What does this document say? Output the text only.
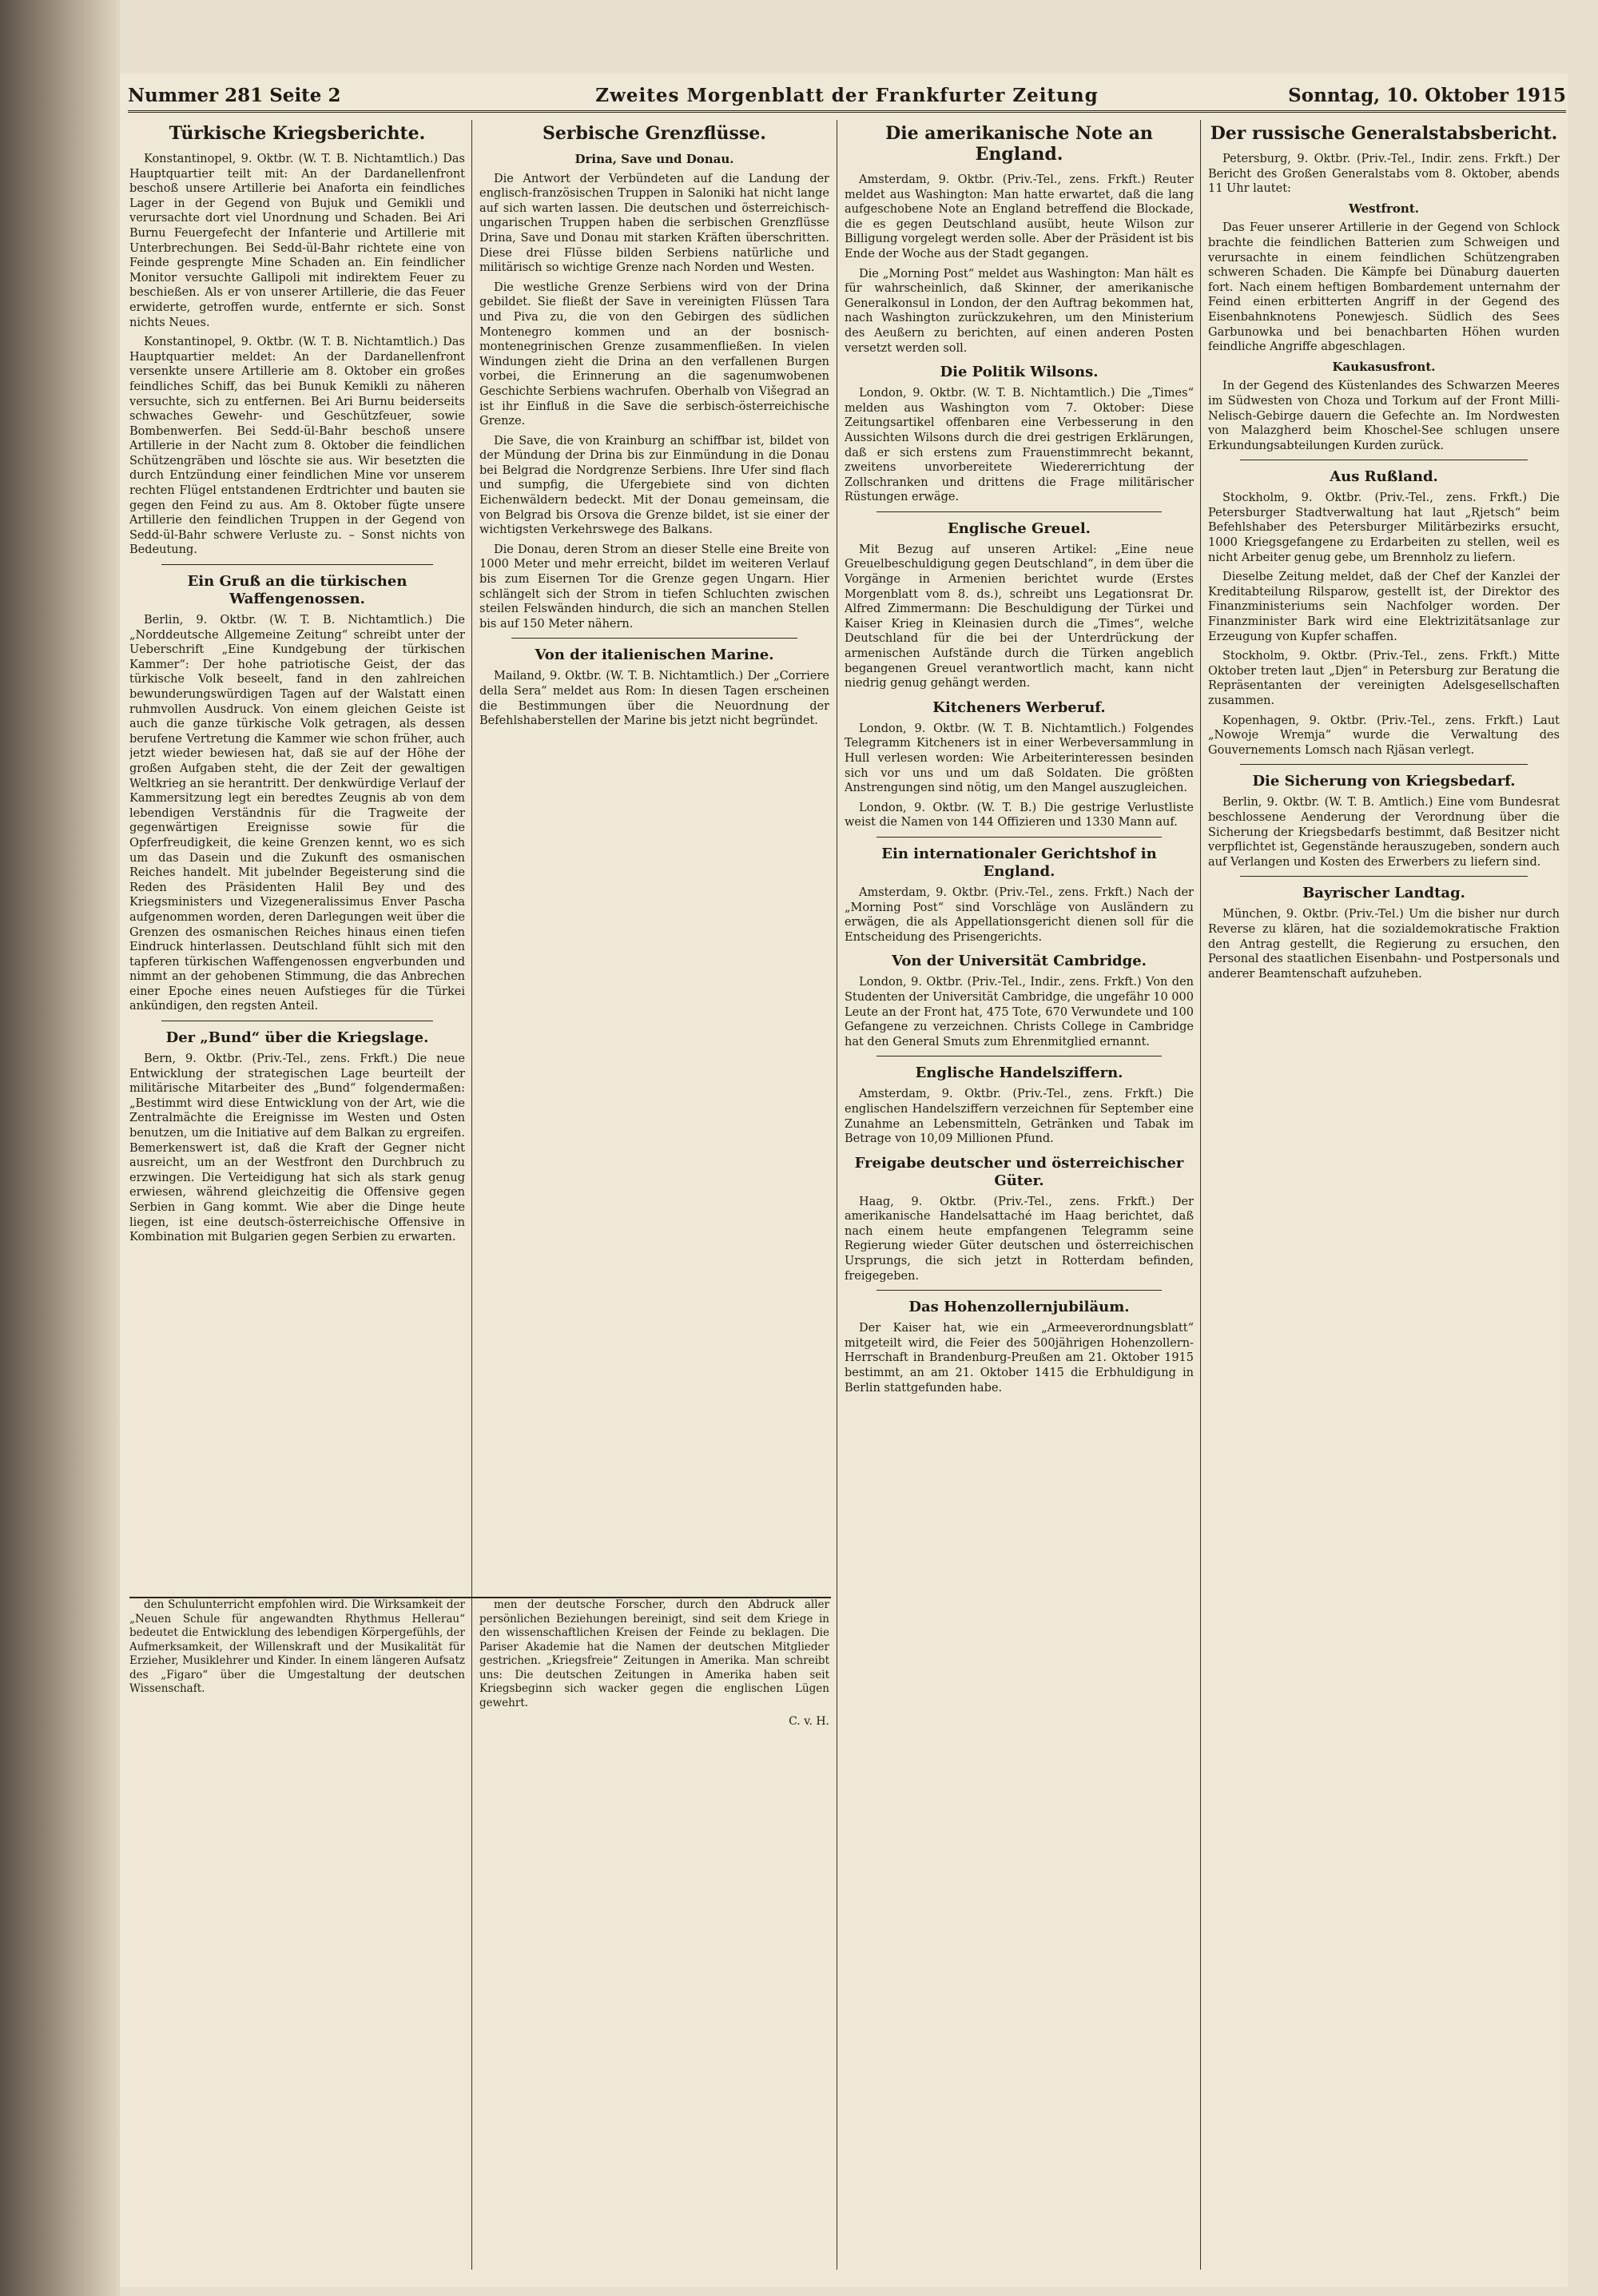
Nummer 281 Seite 2	Zweites Morgenblatt der Frankfurter Zeitung	Sonntag, 10. Oktober 1915
Türkische Kriegsberichte.

Konstantinopel, 9. Oktbr. (W. T. B. Nichtamtlich.) Das Hauptquartier teilt mit: An der Dardanellenfront beschoß unsere Artillerie bei Anaforta ein feindliches Lager in der Gegend von Bujuk und Gemikli und verursachte dort viel Unordnung und Schaden. Bei Ari Burnu Feuergefecht der Infanterie und Artillerie mit Unterbrechungen. Bei Sedd-ül-Bahr richtete eine von Feinde gesprengte Mine Schaden an. Ein feindlicher Monitor versuchte Gallipoli mit indirektem Feuer zu beschießen. Als er von unserer Artillerie, die das Feuer erwiderte, getroffen wurde, entfernte er sich. Sonst nichts Neues.

Konstantinopel, 9. Oktbr. (W. T. B. Nichtamtlich.) Das Hauptquartier meldet: An der Dardanellenfront versenkte unsere Artillerie am 8. Oktober ein großes feindliches Schiff, das bei Bunuk Kemikli zu näheren versuchte, sich zu entfernen. Bei Ari Burnu beiderseits schwaches Gewehr- und Geschützfeuer, sowie Bombenwerfen. Bei Sedd-ül-Bahr beschoß unsere Artillerie in der Nacht zum 8. Oktober die feindlichen Schützengräben und löschte sie aus. Wir besetzten die durch Entzündung einer feindlichen Mine vor unserem rechten Flügel entstandenen Erdtrichter und bauten sie gegen den Feind zu aus. Am 8. Oktober fügte unsere Artillerie den feindlichen Truppen in der Gegend von Sedd-ül-Bahr schwere Verluste zu. – Sonst nichts von Bedeutung.

Ein Gruß an die türkischen Waffengenossen.

Berlin, 9. Oktbr. (W. T. B. Nichtamtlich.) Die „Norddeutsche Allgemeine Zeitung“ schreibt unter der Ueberschrift „Eine Kundgebung der türkischen Kammer“: Der hohe patriotische Geist, der das türkische Volk beseelt, fand in den zahlreichen bewunderungswürdigen Tagen auf der Walstatt einen ruhmvollen Ausdruck. Von einem gleichen Geiste ist auch die ganze türkische Volk getragen, als dessen berufene Vertretung die Kammer wie schon früher, auch jetzt wieder bewiesen hat, daß sie auf der Höhe der großen Aufgaben steht, die der Zeit der gewaltigen Weltkrieg an sie herantritt. Der denkwürdige Verlauf der Kammersitzung legt ein beredtes Zeugnis ab von dem lebendigen Verständnis für die Tragweite der gegenwärtigen Ereignisse sowie für die Opferfreudigkeit, die keine Grenzen kennt, wo es sich um das Dasein und die Zukunft des osmanischen Reiches handelt. Mit jubelnder Begeisterung sind die Reden des Präsidenten Halil Bey und des Kriegsministers und Vizegeneralissimus Enver Pascha aufgenommen worden, deren Darlegungen weit über die Grenzen des osmanischen Reiches hinaus einen tiefen Eindruck hinterlassen. Deutschland fühlt sich mit den tapferen türkischen Waffengenossen engverbunden und nimmt an der gehobenen Stimmung, die das Anbrechen einer Epoche eines neuen Aufstieges für die Türkei ankündigen, den regsten Anteil.

Der „Bund“ über die Kriegslage.

Bern, 9. Oktbr. (Priv.-Tel., zens. Frkft.) Die neue Entwicklung der strategischen Lage beurteilt der militärische Mitarbeiter des „Bund“ folgendermaßen: „Bestimmt wird diese Entwicklung von der Art, wie die Zentralmächte die Ereignisse im Westen und Osten benutzen, um die Initiative auf dem Balkan zu ergreifen. Bemerkenswert ist, daß die Kraft der Gegner nicht ausreicht, um an der Westfront den Durchbruch zu erzwingen. Die Verteidigung hat sich als stark genug erwiesen, während gleichzeitig die Offensive gegen Serbien in Gang kommt. Wie aber die Dinge heute liegen, ist eine deutsch-österreichische Offensive in Kombination mit Bulgarien gegen Serbien zu erwarten.

Serbische Grenzflüsse.
Drina, Save und Donau.

Die Antwort der Verbündeten auf die Landung der englisch-französischen Truppen in Saloniki hat nicht lange auf sich warten lassen. Die deutschen und österreichisch-ungarischen Truppen haben die serbischen Grenzflüsse Drina, Save und Donau mit starken Kräften überschritten. Diese drei Flüsse bilden Serbiens natürliche und militärisch so wichtige Grenze nach Norden und Westen.

Die westliche Grenze Serbiens wird von der Drina gebildet. Sie fließt der Save in vereinigten Flüssen Tara und Piva zu, die von den Gebirgen des südlichen Montenegro kommen und an der bosnisch-montenegrinischen Grenze zusammenfließen. In vielen Windungen zieht die Drina an den verfallenen Burgen vorbei, die Erinnerung an die sagenumwobenen Geschichte Serbiens wachrufen. Oberhalb von Višegrad an ist ihr Einfluß in die Save die serbisch-österreichische Grenze.

Die Save, die von Krainburg an schiffbar ist, bildet von der Mündung der Drina bis zur Einmündung in die Donau bei Belgrad die Nordgrenze Serbiens. Ihre Ufer sind flach und sumpfig, die Ufergebiete sind von dichten Eichenwäldern bedeckt. Mit der Donau gemeinsam, die von Belgrad bis Orsova die Grenze bildet, ist sie einer der wichtigsten Verkehrswege des Balkans.

Die Donau, deren Strom an dieser Stelle eine Breite von 1000 Meter und mehr erreicht, bildet im weiteren Verlauf bis zum Eisernen Tor die Grenze gegen Ungarn. Hier schlängelt sich der Strom in tiefen Schluchten zwischen steilen Felswänden hindurch, die sich an manchen Stellen bis auf 150 Meter nähern.

Von der italienischen Marine.

Mailand, 9. Oktbr. (W. T. B. Nichtamtlich.) Der „Corriere della Sera“ meldet aus Rom: In diesen Tagen erscheinen die Bestimmungen über die Neuordnung der Befehlshaberstellen der Marine bis jetzt nicht begründet.

den Schulunterricht empfohlen wird. Die Wirksamkeit der „Neuen Schule für angewandten Rhythmus Hellerau“ bedeutet die Entwicklung des lebendigen Körpergefühls, der Aufmerksamkeit, der Willenskraft und der Musikalität für Erzieher, Musiklehrer und Kinder. In einem längeren Aufsatz des „Figaro“ über die Umgestaltung der deutschen Wissenschaft.

men der deutsche Forscher, durch den Abdruck aller persönlichen Beziehungen bereinigt, sind seit dem Kriege in den wissenschaftlichen Kreisen der Feinde zu beklagen. Die Pariser Akademie hat die Namen der deutschen Mitglieder gestrichen. „Kriegsfreie“ Zeitungen in Amerika. Man schreibt uns: Die deutschen Zeitungen in Amerika haben seit Kriegsbeginn sich wacker gegen die englischen Lügen gewehrt.

C. v. H.
Die amerikanische Note an England.

Amsterdam, 9. Oktbr. (Priv.-Tel., zens. Frkft.) Reuter meldet aus Washington: Man hatte erwartet, daß die lang aufgeschobene Note an England betreffend die Blockade, die es gegen Deutschland ausübt, heute Wilson zur Billigung vorgelegt werden solle. Aber der Präsident ist bis Ende der Woche aus der Stadt gegangen.

Die „Morning Post“ meldet aus Washington: Man hält es für wahrscheinlich, daß Skinner, der amerikanische Generalkonsul in London, der den Auftrag bekommen hat, nach Washington zurückzukehren, um den Ministerium des Aeußern zu berichten, auf einen anderen Posten versetzt werden soll.

Die Politik Wilsons.

London, 9. Oktbr. (W. T. B. Nichtamtlich.) Die „Times“ melden aus Washington vom 7. Oktober: Diese Zeitungsartikel offenbaren eine Verbesserung in den Aussichten Wilsons durch die drei gestrigen Erklärungen, daß er sich erstens zum Frauenstimmrecht bekannt, zweitens unvorbereitete Wiedererrichtung der Zollschranken und drittens die Frage militärischer Rüstungen erwäge.

Englische Greuel.

Mit Bezug auf unseren Artikel: „Eine neue Greuelbeschuldigung gegen Deutschland“, in dem über die Vorgänge in Armenien berichtet wurde (Erstes Morgenblatt vom 8. ds.), schreibt uns Legationsrat Dr. Alfred Zimmermann: Die Beschuldigung der Türkei und Kaiser Krieg in Kleinasien durch die „Times“, welche Deutschland für die bei der Unterdrückung der armenischen Aufstände durch die Türken angeblich begangenen Greuel verantwortlich macht, kann nicht niedrig genug gehängt werden.

Kitcheners Werberuf.

London, 9. Oktbr. (W. T. B. Nichtamtlich.) Folgendes Telegramm Kitcheners ist in einer Werbeversammlung in Hull verlesen worden: Wie Arbeiterinteressen besinden sich vor uns und um daß Soldaten. Die größten Anstrengungen sind nötig, um den Mangel auszugleichen.

London, 9. Oktbr. (W. T. B.) Die gestrige Verlustliste weist die Namen von 144 Offizieren und 1330 Mann auf.

Ein internationaler Gerichtshof in England.

Amsterdam, 9. Oktbr. (Priv.-Tel., zens. Frkft.) Nach der „Morning Post“ sind Vorschläge von Ausländern zu erwägen, die als Appellationsgericht dienen soll für die Entscheidung des Prisengerichts.

Von der Universität Cambridge.

London, 9. Oktbr. (Priv.-Tel., Indir., zens. Frkft.) Von den Studenten der Universität Cambridge, die ungefähr 10 000 Leute an der Front hat, 475 Tote, 670 Verwundete und 100 Gefangene zu verzeichnen. Christs College in Cambridge hat den General Smuts zum Ehrenmitglied ernannt.

Englische Handelsziffern.

Amsterdam, 9. Oktbr. (Priv.-Tel., zens. Frkft.) Die englischen Handelsziffern verzeichnen für September eine Zunahme an Lebensmitteln, Getränken und Tabak im Betrage von 10,09 Millionen Pfund.

Freigabe deutscher und österreichischer Güter.

Haag, 9. Oktbr. (Priv.-Tel., zens. Frkft.) Der amerikanische Handelsattaché im Haag berichtet, daß nach einem heute empfangenen Telegramm seine Regierung wieder Güter deutschen und österreichischen Ursprungs, die sich jetzt in Rotterdam befinden, freigegeben.

Das Hohenzollernjubiläum.

Der Kaiser hat, wie ein „Armeeverordnungsblatt“ mitgeteilt wird, die Feier des 500jährigen Hohenzollern-Herrschaft in Brandenburg-Preußen am 21. Oktober 1915 bestimmt, an am 21. Oktober 1415 die Erbhuldigung in Berlin stattgefunden habe.

Der russische Generalstabsbericht.

Petersburg, 9. Oktbr. (Priv.-Tel., Indir. zens. Frkft.) Der Bericht des Großen Generalstabs vom 8. Oktober, abends 11 Uhr lautet:

Westfront.

Das Feuer unserer Artillerie in der Gegend von Schlock brachte die feindlichen Batterien zum Schweigen und verursachte in einem feindlichen Schützengraben schweren Schaden. Die Kämpfe bei Dünaburg dauerten fort. Nach einem heftigen Bombardement unternahm der Feind einen erbitterten Angriff in der Gegend des Eisenbahnknotens Ponewjesch. Südlich des Sees Garbunowka und bei benachbarten Höhen wurden feindliche Angriffe abgeschlagen.

Kaukasusfront.

In der Gegend des Küstenlandes des Schwarzen Meeres im Südwesten von Choza und Torkum auf der Front Milli-Nelisch-Gebirge dauern die Gefechte an. Im Nordwesten von Malazgherd beim Khoschel-See schlugen unsere Erkundungsabteilungen Kurden zurück.

Aus Rußland.

Stockholm, 9. Oktbr. (Priv.-Tel., zens. Frkft.) Die Petersburger Stadtverwaltung hat laut „Rjetsch“ beim Befehlshaber des Petersburger Militärbezirks ersucht, 1000 Kriegsgefangene zu Erdarbeiten zu stellen, weil es nicht Arbeiter genug gebe, um Brennholz zu liefern.

Dieselbe Zeitung meldet, daß der Chef der Kanzlei der Kreditabteilung Rilsparow, gestellt ist, der Direktor des Finanzministeriums sein Nachfolger worden. Der Finanzminister Bark wird eine Elektrizitätsanlage zur Erzeugung von Kupfer schaffen.

Stockholm, 9. Oktbr. (Priv.-Tel., zens. Frkft.) Mitte Oktober treten laut „Djen“ in Petersburg zur Beratung die Repräsentanten der vereinigten Adelsgesellschaften zusammen.

Kopenhagen, 9. Oktbr. (Priv.-Tel., zens. Frkft.) Laut „Nowoje Wremja“ wurde die Verwaltung des Gouvernements Lomsch nach Rjäsan verlegt.

Die Sicherung von Kriegsbedarf.

Berlin, 9. Oktbr. (W. T. B. Amtlich.) Eine vom Bundesrat beschlossene Aenderung der Verordnung über die Sicherung der Kriegsbedarfs bestimmt, daß Besitzer nicht verpflichtet ist, Gegenstände herauszugeben, sondern auch auf Verlangen und Kosten des Erwerbers zu liefern sind.

Bayrischer Landtag.

München, 9. Oktbr. (Priv.-Tel.) Um die bisher nur durch Reverse zu klären, hat die sozialdemokratische Fraktion den Antrag gestellt, die Regierung zu ersuchen, den Personal des staatlichen Eisenbahn- und Postpersonals und anderer Beamtenschaft aufzuheben.
